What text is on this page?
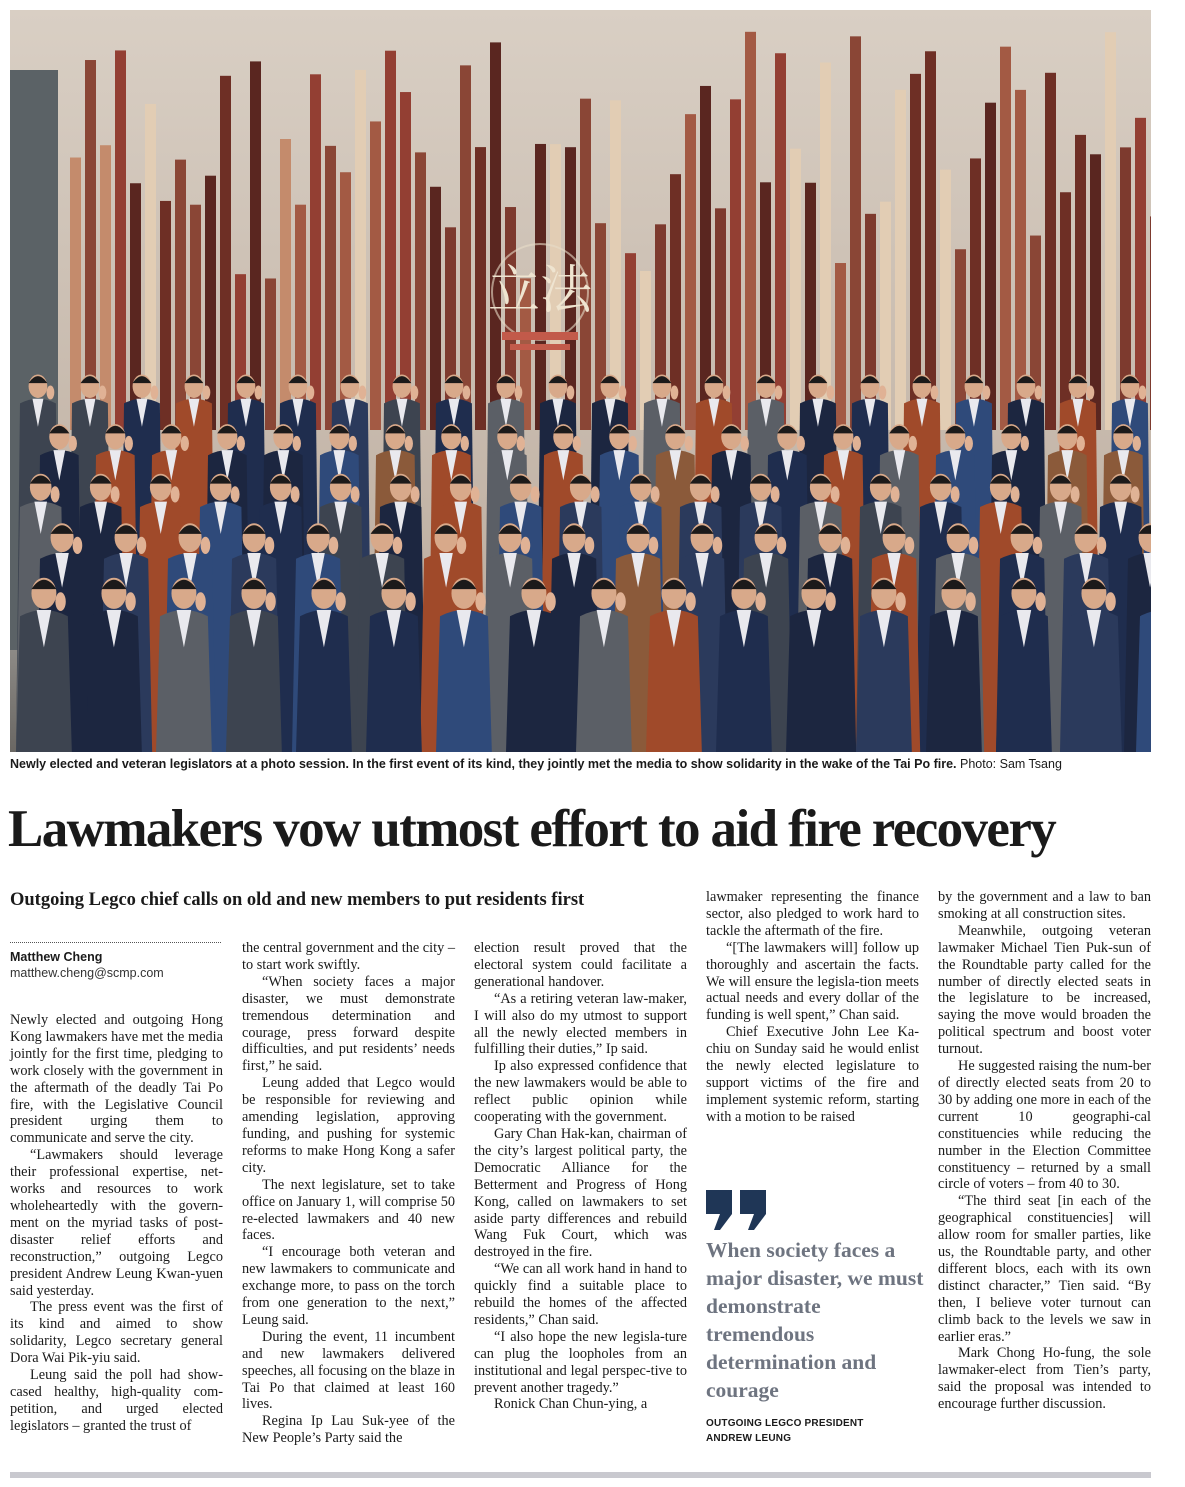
立法
Newly elected and veteran legislators at a photo session. In the first event of its kind, they jointly met the media to show solidarity in the wake of the Tai Po fire. Photo: Sam Tsang
Lawmakers vow utmost effort to aid fire recovery
Outgoing Legco chief calls on old and new members to put residents first
Matthew Cheng
matthew.cheng@scmp.com

Newly elected and outgoing Hong Kong lawmakers have met the media jointly for the first time, pledging to work closely with the government in the aftermath of the deadly Tai Po fire, with the Legislative Council president urging them to communicate and serve the city.

“Lawmakers should leverage their professional expertise, net-works and resources to work wholeheartedly with the govern-ment on the myriad tasks of post-disaster relief efforts and reconstruction,” outgoing Legco president Andrew Leung Kwan-yuen said yesterday.

The press event was the first of its kind and aimed to show solidarity, Legco secretary general Dora Wai Pik-yiu said.

Leung said the poll had show-cased healthy, high-quality com-petition, and urged elected legislators – granted the trust of

the central government and the city – to start work swiftly.

“When society faces a major disaster, we must demonstrate tremendous determination and courage, press forward despite difficulties, and put residents’ needs first,” he said.

Leung added that Legco would be responsible for reviewing and amending legislation, approving funding, and pushing for systemic reforms to make Hong Kong a safer city.

The next legislature, set to take office on January 1, will comprise 50 re-elected lawmakers and 40 new faces.

“I encourage both veteran and new lawmakers to communicate and exchange more, to pass on the torch from one generation to the next,” Leung said.

During the event, 11 incumbent and new lawmakers delivered speeches, all focusing on the blaze in Tai Po that claimed at least 160 lives.

Regina Ip Lau Suk-yee of the New People’s Party said the

election result proved that the electoral system could facilitate a generational handover.

“As a retiring veteran law-maker, I will also do my utmost to support all the newly elected members in fulfilling their duties,” Ip said.

Ip also expressed confidence that the new lawmakers would be able to reflect public opinion while cooperating with the government.

Gary Chan Hak-kan, chairman of the city’s largest political party, the Democratic Alliance for the Betterment and Progress of Hong Kong, called on lawmakers to set aside party differences and rebuild Wang Fuk Court, which was destroyed in the fire.

“We can all work hand in hand to quickly find a suitable place to rebuild the homes of the affected residents,” Chan said.

“I also hope the new legisla-ture can plug the loopholes from an institutional and legal perspec-tive to prevent another tragedy.”

Ronick Chan Chun-ying, a

lawmaker representing the finance sector, also pledged to work hard to tackle the aftermath of the fire.

“[The lawmakers will] follow up thoroughly and ascertain the facts. We will ensure the legisla-tion meets actual needs and every dollar of the funding is well spent,” Chan said.

Chief Executive John Lee Ka-chiu on Sunday said he would enlist the newly elected legislature to support victims of the fire and implement systemic reform, starting with a motion to be raised

When society faces a major disaster, we must demonstrate tremendous determination and courage
OUTGOING LEGCO PRESIDENT
ANDREW LEUNG

by the government and a law to ban smoking at all construction sites.

Meanwhile, outgoing veteran lawmaker Michael Tien Puk-sun of the Roundtable party called for the number of directly elected seats in the legislature to be increased, saying the move would broaden the political spectrum and boost voter turnout.

He suggested raising the num-ber of directly elected seats from 20 to 30 by adding one more in each of the current 10 geographi-cal constituencies while reducing the number in the Election Committee constituency – returned by a small circle of voters – from 40 to 30.

“The third seat [in each of the geographical constituencies] will allow room for smaller parties, like us, the Roundtable party, and other different blocs, each with its own distinct character,” Tien said. “By then, I believe voter turnout can climb back to the levels we saw in earlier eras.”

Mark Chong Ho-fung, the sole lawmaker-elect from Tien’s party, said the proposal was intended to encourage further discussion.
